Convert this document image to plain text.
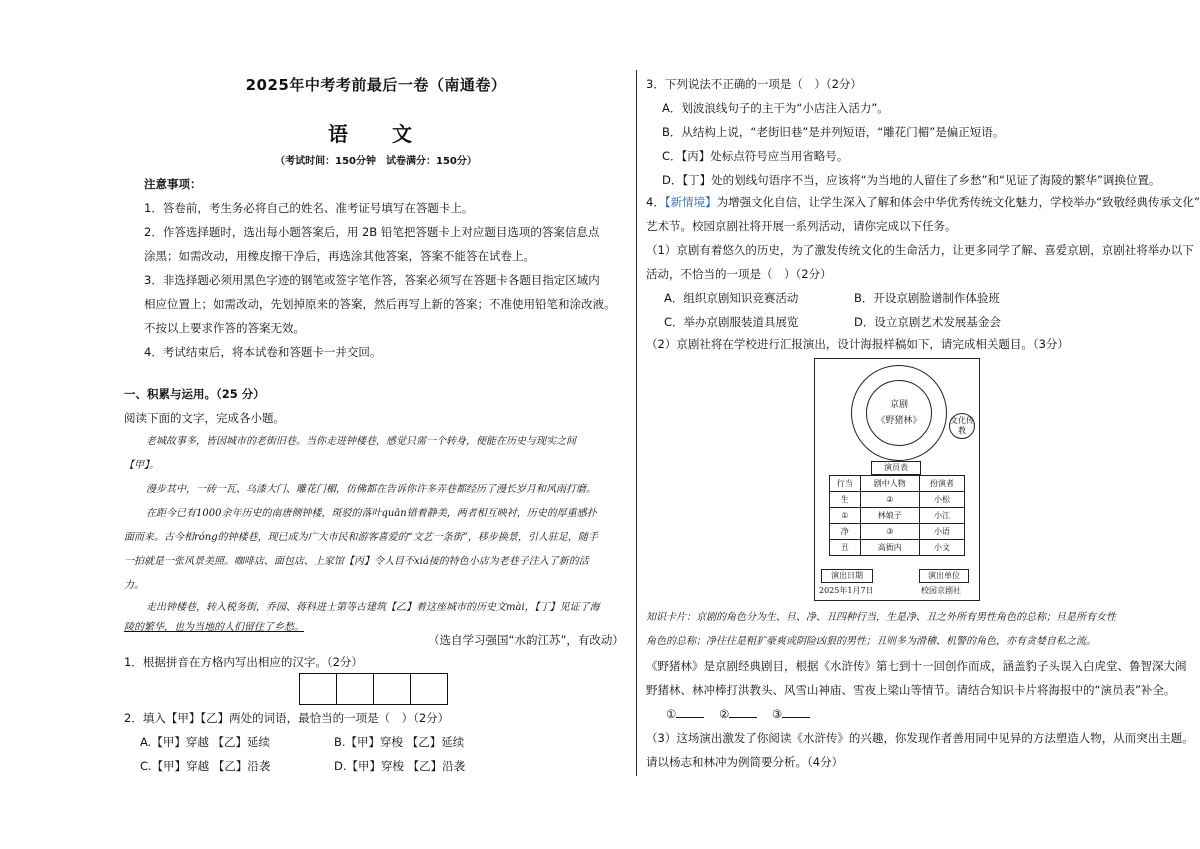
2025年中考考前最后一卷（南通卷）
语　文
（考试时间：150分钟　试卷满分：150分）
注意事项：
1．答卷前，考生务必将自己的姓名、准考证号填写在答题卡上。
2．作答选择题时，选出每小题答案后，用 2B 铅笔把答题卡上对应题目选项的答案信息点
涂黑；如需改动，用橡皮擦干净后，再选涂其他答案，答案不能答在试卷上。
3．非选择题必须用黑色字迹的钢笔或签字笔作答，答案必须写在答题卡各题目指定区域内
相应位置上；如需改动，先划掉原来的答案，然后再写上新的答案；不准使用铅笔和涂改液。
不按以上要求作答的答案无效。
4．考试结束后，将本试卷和答题卡一并交回。
一、积累与运用。（25 分）
阅读下面的文字，完成各小题。
老城故事多，皆因城市的老街旧巷。当你走进钟楼巷，感觉只需一个转身，便能在历史与现实之间
【甲】。
漫步其中，一砖一瓦、乌漆大门、雕花门楣，仿佛都在告诉你许多弄巷都经历了漫长岁月和风雨打磨。
在距今已有1000余年历史的南唐侧钟楼，斑驳的落叶quān错着静美，两者相互映衬，历史的厚重感扑
面而来。古今相róng的钟楼巷，现已成为广大市民和游客喜爱的“文艺一条街”，移步换景，引人驻足，随手
一拍就是一张风景美照。咖啡店、面包店、上家馆【丙】令人目不xiá接的特色小店为老巷子注入了新的活
力。
走出钟楼巷，转入税务街，乔园、蒋科进士第等古建筑【乙】着这座城市的历史文mài，【丁】见证了海
陵的繁华，也为当地的人们留住了乡愁。
（选自学习强国“水韵江苏”，有改动）
1．根据拼音在方格内写出相应的汉字。（2分）
2．填入【甲】【乙】两处的词语，最恰当的一项是（　）（2分）
A.【甲】穿越 【乙】延续	B.【甲】穿梭 【乙】延续
C.【甲】穿越 【乙】沿袭	D.【甲】穿梭 【乙】沿袭
3．下列说法不正确的一项是（　）（2分）
A．划波浪线句子的主干为“小店注入活力”。
B．从结构上说，“老街旧巷”是并列短语，“雕花门楣”是偏正短语。
C．【丙】处标点符号应当用省略号。
D．【丁】处的划线句语序不当，应该将“为当地的人留住了乡愁”和“见证了海陵的繁华”调换位置。
4．【新情境】为增强文化自信，让学生深入了解和体会中华优秀传统文化魅力，学校举办“致敬经典传承文化”
艺术节。校园京剧社将开展一系列活动，请你完成以下任务。
（1）京剧有着悠久的历史，为了激发传统文化的生命活力，让更多同学了解、喜爱京剧，京剧社将举办以下
活动，不恰当的一项是（　）（2分）
A．组织京剧知识竞赛活动	B．开设京剧脸谱制作体验班
C．举办京剧服装道具展览	D．设立京剧艺术发展基金会
（2）京剧社将在学校进行汇报演出，设计海报样稿如下，请完成相关题目。（3分）
京剧
《野猪林》	文化传教
演员表
行当	剧中人物	扮演者
生	②	小松
①	林娘子	小江
净	③	小语
丑	高衙内	小文
演出日期	演出单位
2025年1月7日	校园京剧社
知识卡片：京剧的角色分为生、旦、净、丑四种行当，生是净、丑之外所有男性角色的总称；旦是所有女性
角色的总称；净往往是粗犷豪爽或阴险凶狠的男性；丑则多为滑稽、机警的角色，亦有贪婪自私之流。
《野猪林》是京剧经典剧目，根据《水浒传》第七到十一回创作而成，涵盖豹子头误入白虎堂、鲁智深大闹
野猪林、林冲棒打洪教头、风雪山神庙、雪夜上梁山等情节。请结合知识卡片将海报中的“演员表”补全。
①	②	③
（3）这场演出激发了你阅读《水浒传》的兴趣，你发现作者善用同中见异的方法塑造人物，从而突出主题。
请以杨志和林冲为例简要分析。（4分）
